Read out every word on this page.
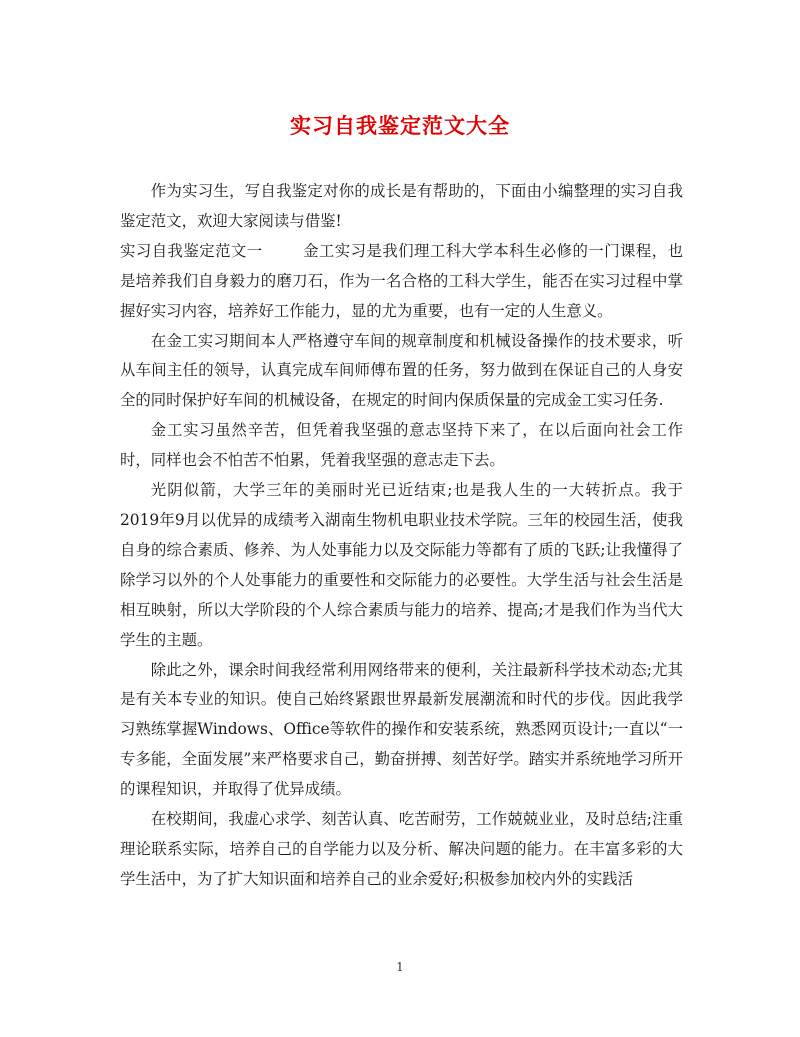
实习自我鉴定范文大全

作为实习生，写自我鉴定对你的成长是有帮助的，下面由小编整理的实习自我鉴定范文，欢迎大家阅读与借鉴!

实习自我鉴定范文一	金工实习是我们理工科大学本科生必修的一门课程，也是培养我们自身毅力的磨刀石，作为一名合格的工科大学生，能否在实习过程中掌握好实习内容，培养好工作能力，显的尤为重要，也有一定的人生意义。

在金工实习期间本人严格遵守车间的规章制度和机械设备操作的技术要求，听从车间主任的领导，认真完成车间师傅布置的任务，努力做到在保证自己的人身安全的同时保护好车间的机械设备，在规定的时间内保质保量的完成金工实习任务.

金工实习虽然辛苦，但凭着我坚强的意志坚持下来了，在以后面向社会工作时，同样也会不怕苦不怕累，凭着我坚强的意志走下去。

光阴似箭，大学三年的美丽时光已近结束;也是我人生的一大转折点。我于2019年9月以优异的成绩考入湖南生物机电职业技术学院。三年的校园生活，使我自身的综合素质、修养、为人处事能力以及交际能力等都有了质的飞跃;让我懂得了除学习以外的个人处事能力的重要性和交际能力的必要性。大学生活与社会生活是相互映射，所以大学阶段的个人综合素质与能力的培养、提高;才是我们作为当代大学生的主题。

除此之外，课余时间我经常利用网络带来的便利，关注最新科学技术动态;尤其是有关本专业的知识。使自己始终紧跟世界最新发展潮流和时代的步伐。因此我学习熟练掌握Windows、Office等软件的操作和安装系统，熟悉网页设计;一直以“一专多能，全面发展”来严格要求自己，勤奋拼搏、刻苦好学。踏实并系统地学习所开的课程知识，并取得了优异成绩。

在校期间，我虚心求学、刻苦认真、吃苦耐劳，工作兢兢业业，及时总结;注重理论联系实际，培养自己的自学能力以及分析、解决问题的能力。在丰富多彩的大学生活中，为了扩大知识面和培养自己的业余爱好;积极参加校内外的实践活

1
